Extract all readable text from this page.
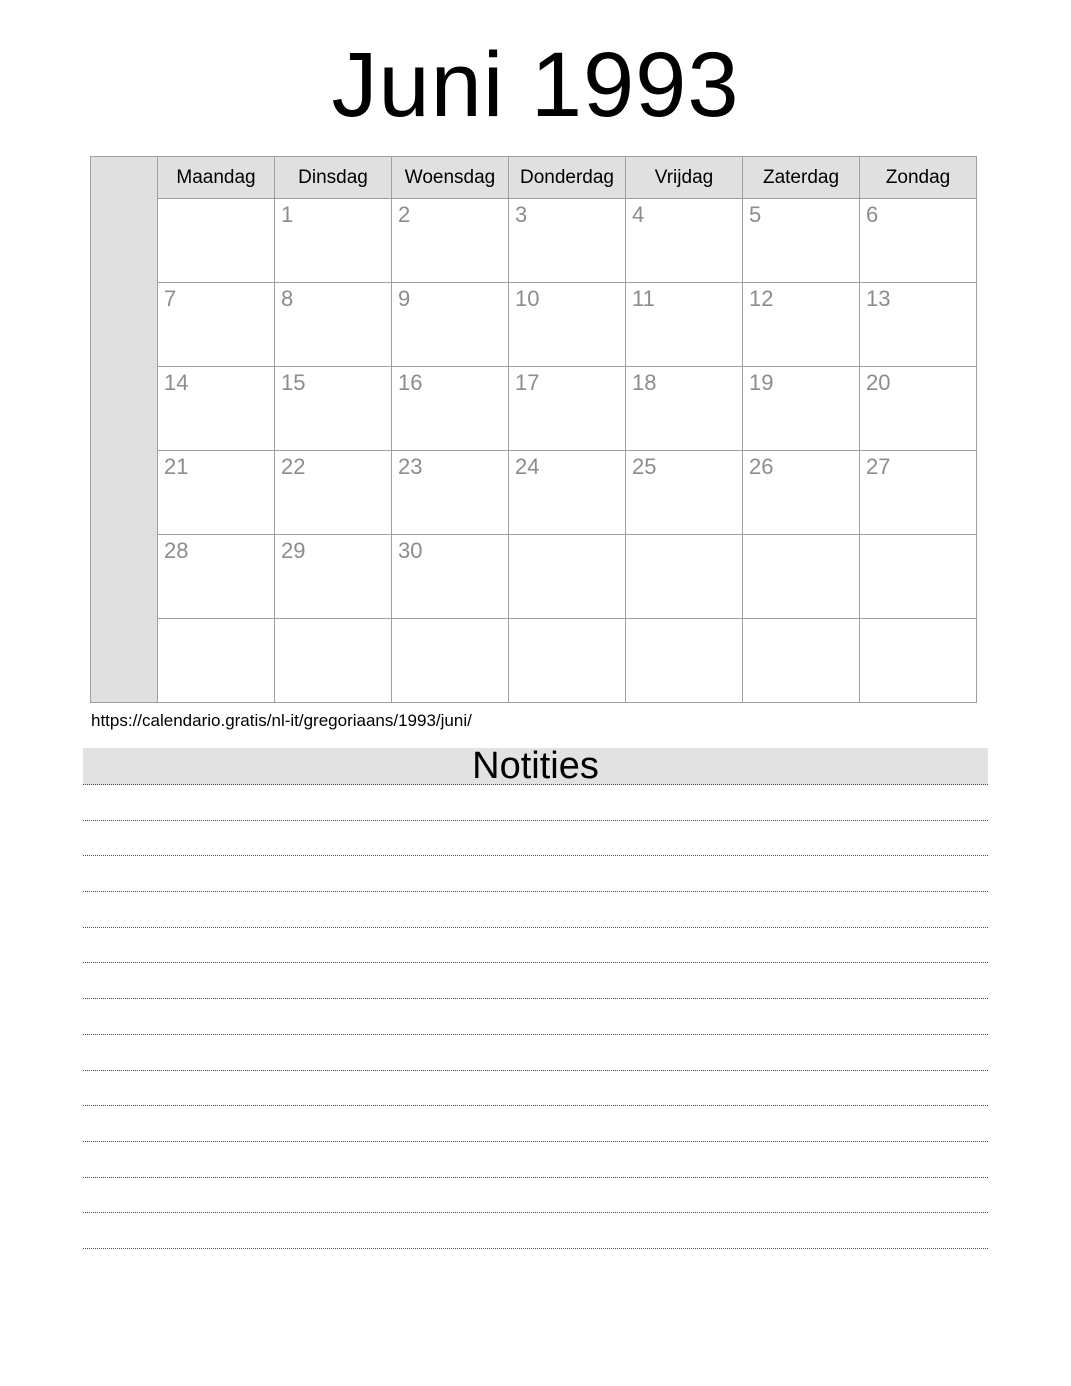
Juni 1993
	Maandag	Dinsdag	Woensdag	Donderdag	Vrijdag	Zaterdag	Zondag
		1	2	3	4	5	6
	7	8	9	10	11	12	13
	14	15	16	17	18	19	20
	21	22	23	24	25	26	27
	28	29	30				

https://calendario.gratis/nl-it/gregoriaans/1993/juni/
Notities
